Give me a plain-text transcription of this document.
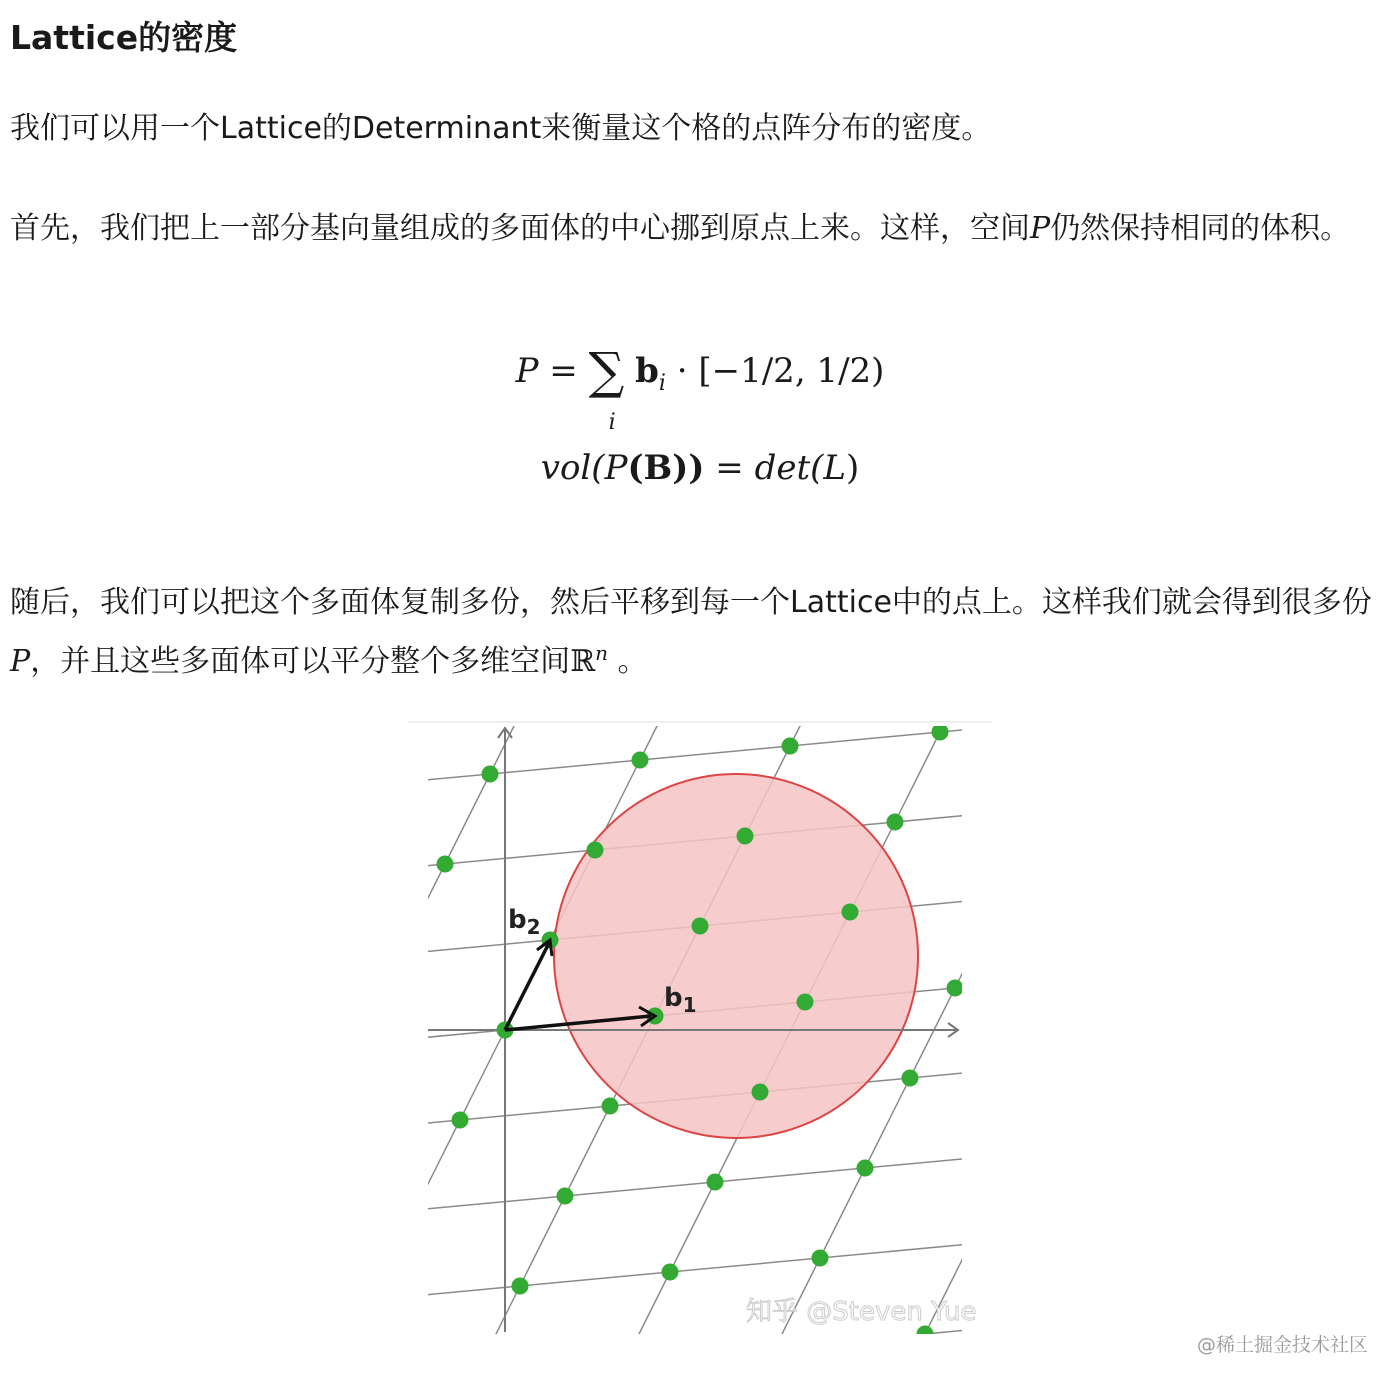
Lattice的密度

我们可以用一个Lattice的Determinant来衡量这个格的点阵分布的密度。

首先，我们把上一部分基向量组成的多面体的中心挪到原点上来。这样，空间P仍然保持相同的体积。

P = ∑
i
$b_i \cdot [-1/2$, 1/2)
vol(P(B)) = det(L)

随后，我们可以把这个多面体复制多份，然后平移到每一个Lattice中的点上。这样我们就会得到很多份P，并且这些多面体可以平分整个多维空间ℝ$^n$ 。

$b_2$
$b_1$
知乎 @Steven Yue
@稀土掘金技术社区
